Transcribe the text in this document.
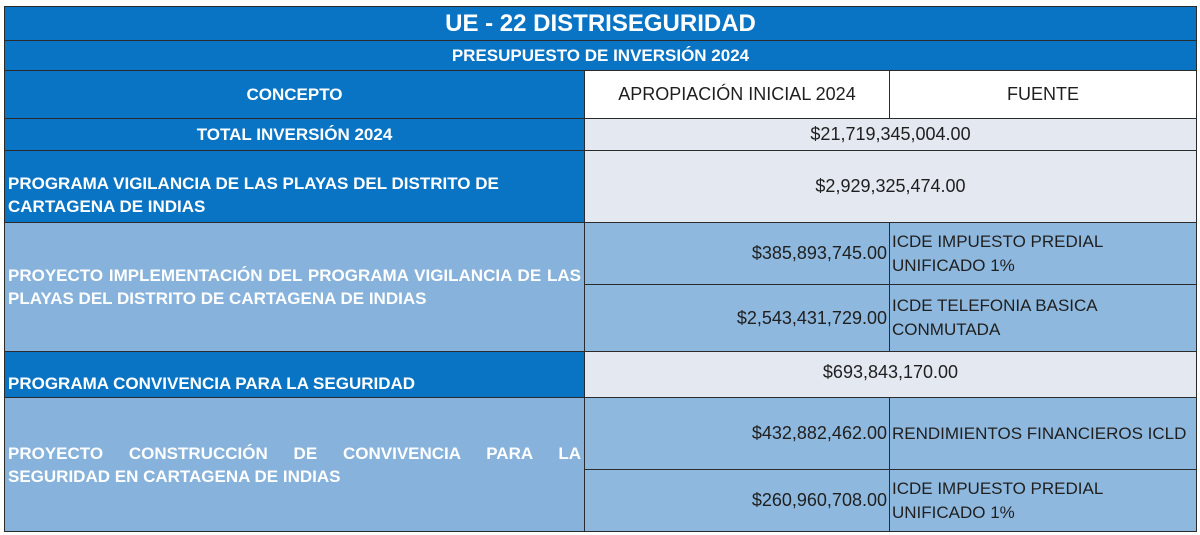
UE - 22 DISTRISEGURIDAD		
PRESUPUESTO DE INVERSIÓN 2024		
CONCEPTO	APROPIACIÓN INICIAL 2024	FUENTE
TOTAL INVERSIÓN 2024	$21,719,345,004.00	
PROGRAMA VIGILANCIA DE LAS PLAYAS DEL DISTRITO DE CARTAGENA DE INDIAS	$2,929,325,474.00	
PROYECTO IMPLEMENTACIÓN DEL PROGRAMA VIGILANCIA DE LAS PLAYAS DEL DISTRITO DE CARTAGENA DE INDIAS	$385,893,745.00	ICDE IMPUESTO PREDIAL UNIFICADO 1%
	$2,543,431,729.00	ICDE TELEFONIA BASICA CONMUTADA
PROGRAMA CONVIVENCIA PARA LA SEGURIDAD	$693,843,170.00	
PROYECTO CONSTRUCCIÓN DE CONVIVENCIA PARA LA SEGURIDAD EN CARTAGENA DE INDIAS	$432,882,462.00	RENDIMIENTOS FINANCIEROS ICLD
	$260,960,708.00	ICDE IMPUESTO PREDIAL UNIFICADO 1%
